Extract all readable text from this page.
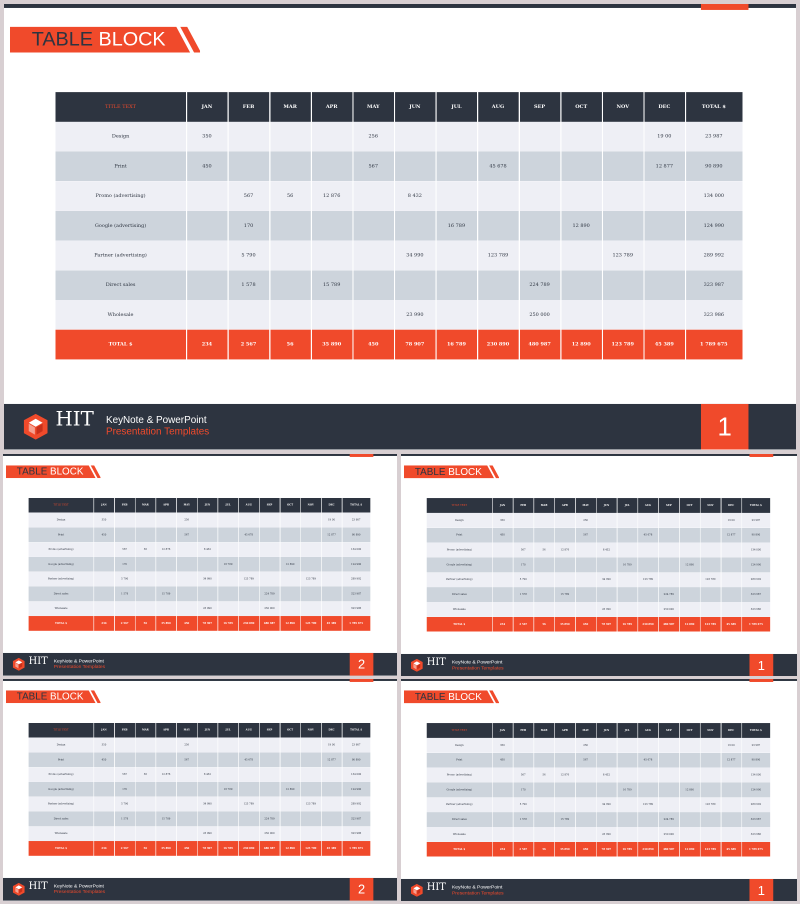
TABLE BLOCK
TITLE TEXT	JAN	FEB	MAR	APR	MAY	JUN	JUL	AUG	SEP	OCT	NOV	DEC	TOTAL $
Design	350				256							19 00	23 987
Print	450				567			45 678				12 877	90 890
Promo (advertising)		567	56	12 876		8 432							134 000
Google (advertising)		170					16 789			12 890			124 990
Partner (advertising)		5 790				34 990		123 789			123 789		289 992
Direct sales		1 578		15 789					224 789				323 987
Wholesale						23 990			250 000				323 986
TOTAL $	234	2 567	56	35 890	450	78 907	16 789	230 890	480 987	12 890	123 789	45 389	1 789 675
HIT KeyNote & PowerPoint
Presentation Templates	1
TABLE BLOCK
TITLE TEXT	JAN	FEB	MAR	APR	MAY	JUN	JUL	AUG	SEP	OCT	NOV	DEC	TOTAL $
Design	350				256							19 00	23 987
Print	450				567			45 678				12 877	90 890
Promo (advertising)		567	56	12 876		8 432							134 000
Google (advertising)		170					16 789			12 890			124 990
Partner (advertising)		5 790				34 990		123 789			123 789		289 992
Direct sales		1 578		15 789					224 789				323 987
Wholesale						23 990			250 000				323 986
TOTAL $	234	2 567	56	35 890	450	78 907	16 789	230 890	480 987	12 890	123 789	45 389	1 789 675
HIT KeyNote & PowerPoint
Presentation Templates	2
TABLE BLOCK
TITLE TEXT	JAN	FEB	MAR	APR	MAY	JUN	JUL	AUG	SEP	OCT	NOV	DEC	TOTAL $
Design	350				256							19 00	23 987
Print	450				567			45 678				12 877	90 890
Promo (advertising)		567	56	12 876		8 432							134 000
Google (advertising)		170					16 789			12 890			124 990
Partner (advertising)		5 790				34 990		123 789			123 789		289 992
Direct sales		1 578		15 789					224 789				323 987
Wholesale						23 990			250 000				323 986
TOTAL $	234	2 567	56	35 890	450	78 907	16 789	230 890	480 987	12 890	123 789	45 389	1 789 675
HIT KeyNote & PowerPoint
Presentation Templates	1
TABLE BLOCK
TITLE TEXT	JAN	FEB	MAR	APR	MAY	JUN	JUL	AUG	SEP	OCT	NOV	DEC	TOTAL $
Design	350				256							19 00	23 987
Print	450				567			45 678				12 877	90 890
Promo (advertising)		567	56	12 876		8 432							134 000
Google (advertising)		170					16 789			12 890			124 990
Partner (advertising)		5 790				34 990		123 789			123 789		289 992
Direct sales		1 578		15 789					224 789				323 987
Wholesale						23 990			250 000				323 986
TOTAL $	234	2 567	56	35 890	450	78 907	16 789	230 890	480 987	12 890	123 789	45 389	1 789 675
HIT KeyNote & PowerPoint
Presentation Templates	2
TABLE BLOCK
TITLE TEXT	JAN	FEB	MAR	APR	MAY	JUN	JUL	AUG	SEP	OCT	NOV	DEC	TOTAL $
Design	350				256							19 00	23 987
Print	450				567			45 678				12 877	90 890
Promo (advertising)		567	56	12 876		8 432							134 000
Google (advertising)		170					16 789			12 890			124 990
Partner (advertising)		5 790				34 990		123 789			123 789		289 992
Direct sales		1 578		15 789					224 789				323 987
Wholesale						23 990			250 000				323 986
TOTAL $	234	2 567	56	35 890	450	78 907	16 789	230 890	480 987	12 890	123 789	45 389	1 789 675
HIT KeyNote & PowerPoint
Presentation Templates	1
